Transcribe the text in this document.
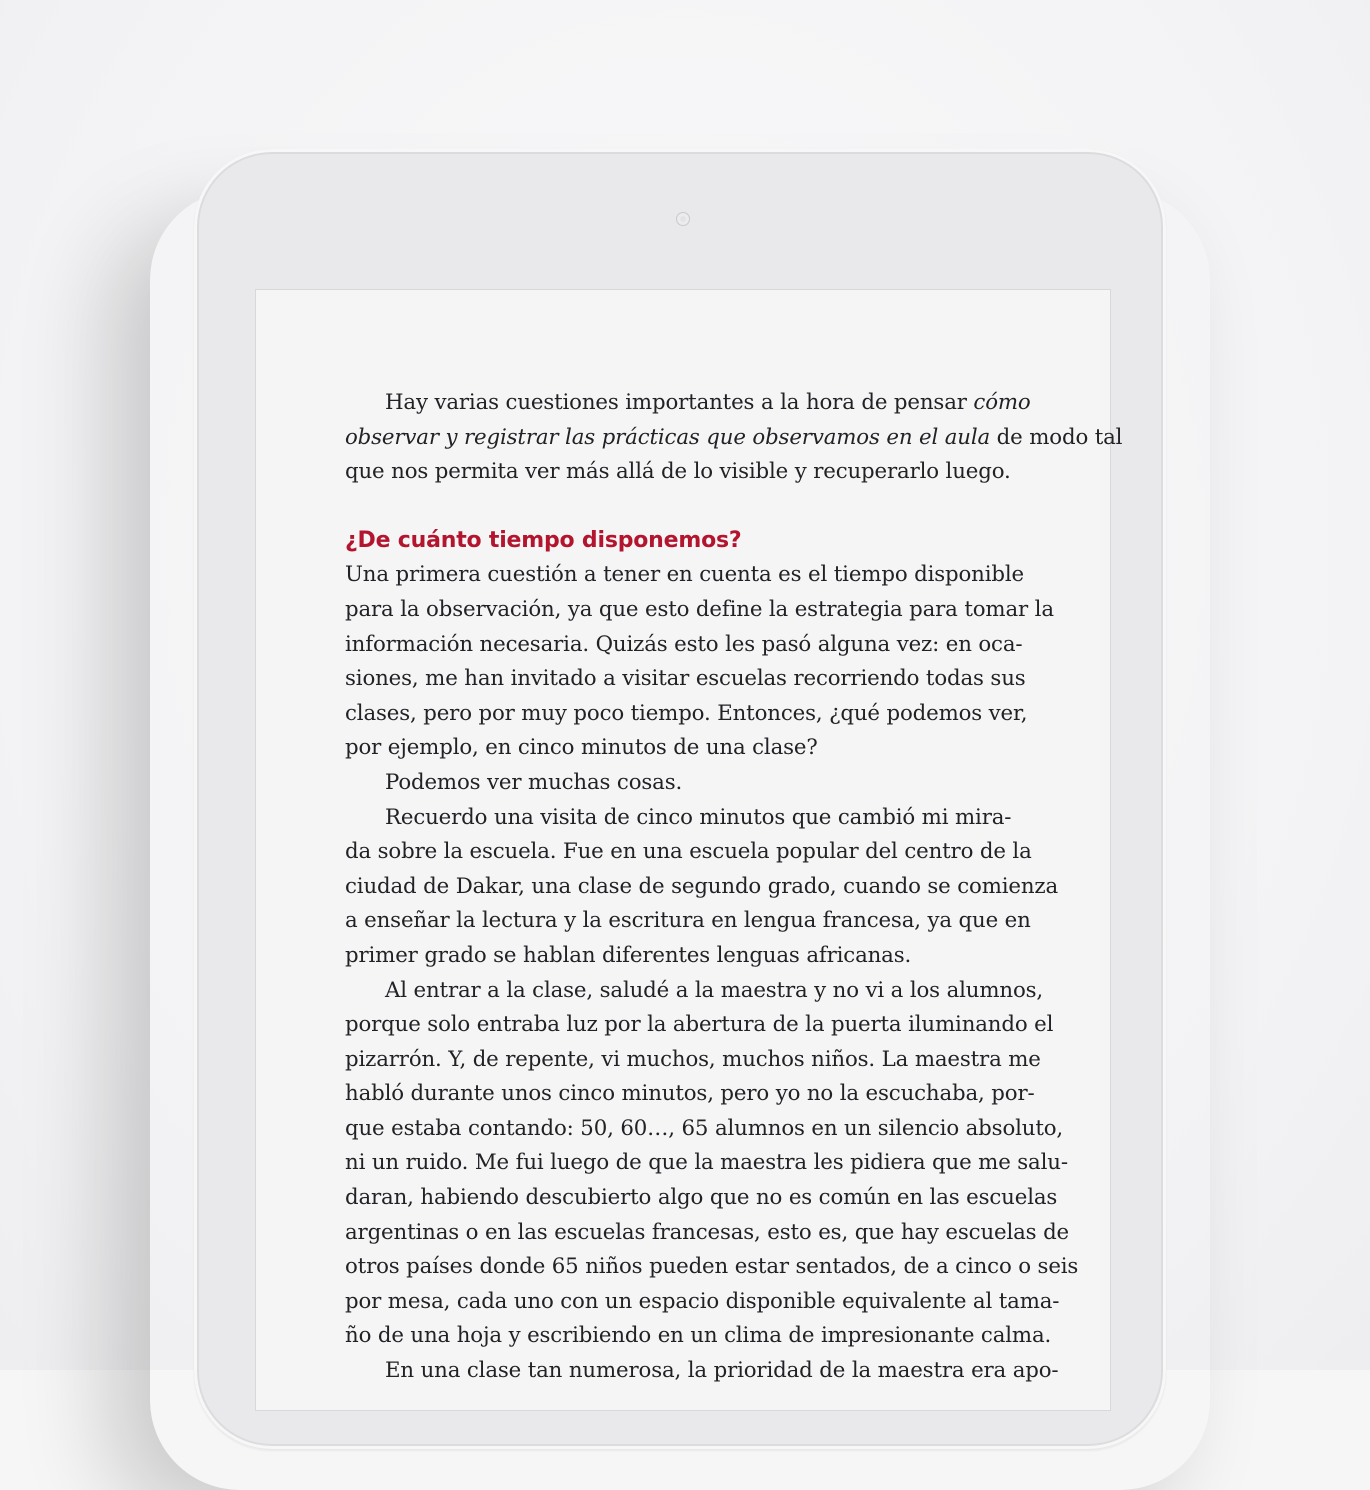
Hay varias cuestiones importantes a la hora de pensar cómo
observar y registrar las prácticas que observamos en el aula de modo tal
que nos permita ver más allá de lo visible y recuperarlo luego.
¿De cuánto tiempo disponemos?
Una primera cuestión a tener en cuenta es el tiempo disponible
para la observación, ya que esto define la estrategia para tomar la
información necesaria. Quizás esto les pasó alguna vez: en oca-
siones, me han invitado a visitar escuelas recorriendo todas sus
clases, pero por muy poco tiempo. Entonces, ¿qué podemos ver,
por ejemplo, en cinco minutos de una clase?
Podemos ver muchas cosas.
Recuerdo una visita de cinco minutos que cambió mi mira-
da sobre la escuela. Fue en una escuela popular del centro de la
ciudad de Dakar, una clase de segundo grado, cuando se comienza
a enseñar la lectura y la escritura en lengua francesa, ya que en
primer grado se hablan diferentes lenguas africanas.
Al entrar a la clase, saludé a la maestra y no vi a los alumnos,
porque solo entraba luz por la abertura de la puerta iluminando el
pizarrón. Y, de repente, vi muchos, muchos niños. La maestra me
habló durante unos cinco minutos, pero yo no la escuchaba, por-
que estaba contando: 50, 60…, 65 alumnos en un silencio absoluto,
ni un ruido. Me fui luego de que la maestra les pidiera que me salu-
daran, habiendo descubierto algo que no es común en las escuelas
argentinas o en las escuelas francesas, esto es, que hay escuelas de
otros países donde 65 niños pueden estar sentados, de a cinco o seis
por mesa, cada uno con un espacio disponible equivalente al tama-
ño de una hoja y escribiendo en un clima de impresionante calma.
En una clase tan numerosa, la prioridad de la maestra era apo-
